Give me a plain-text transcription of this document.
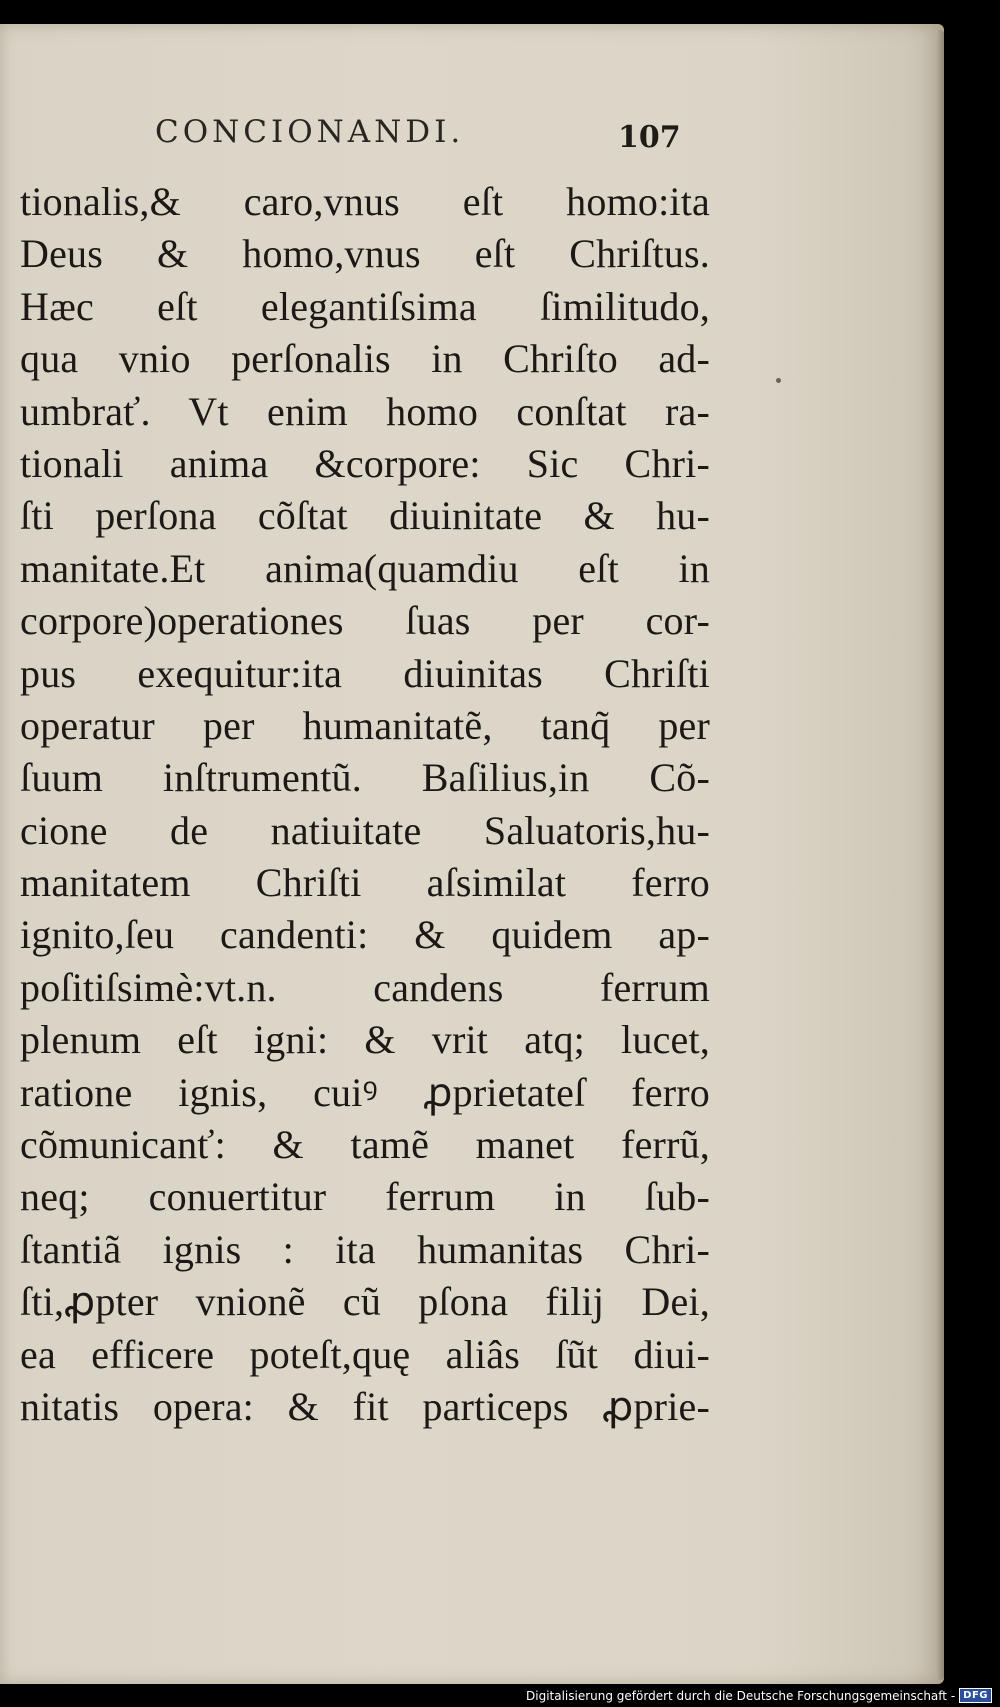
CONCIONANDI.	107
tionalis,& caro,vnus eſt homo:ita
Deus & homo,vnus eſt Chriſtus.
Hæc eſt elegantiſsima ſimilitudo,
qua vnio perſonalis in Chriſto ad-
umbrať. Vt enim homo conſtat ra-
tionali anima &corpore: Sic Chri-
ſti perſona cõſtat diuinitate & hu-
manitate.Et anima(quamdiu eſt in
corpore)operationes ſuas per cor-
pus exequitur:ita diuinitas Chriſti
operatur per humanitatẽ, tanq̃ per
ſuum inſtrumentũ. Baſilius,in Cõ-
cione de natiuitate Saluatoris,hu-
manitatem Chriſti aſsimilat ferro
ignito,ſeu candenti: & quidem ap-
poſitiſsimè:vt.n. candens ferrum
plenum eſt igni: & vrit atq; lucet,
ratione ignis, cuiꝰ ꝓprietateſ ferro
cõmunicanť: & tamẽ manet ferrũ,
neq; conuertitur ferrum in ſub-
ſtantiã ignis : ita humanitas Chri-
ſti,ꝓpter vnionẽ cũ pſona filij Dei,
ea efficere poteſt,quę aliâs ſũt diui-
nitatis opera: & fit particeps ꝓprie-
Digitalisierung gefördert durch die Deutsche Forschungsgemeinschaft - DFG
